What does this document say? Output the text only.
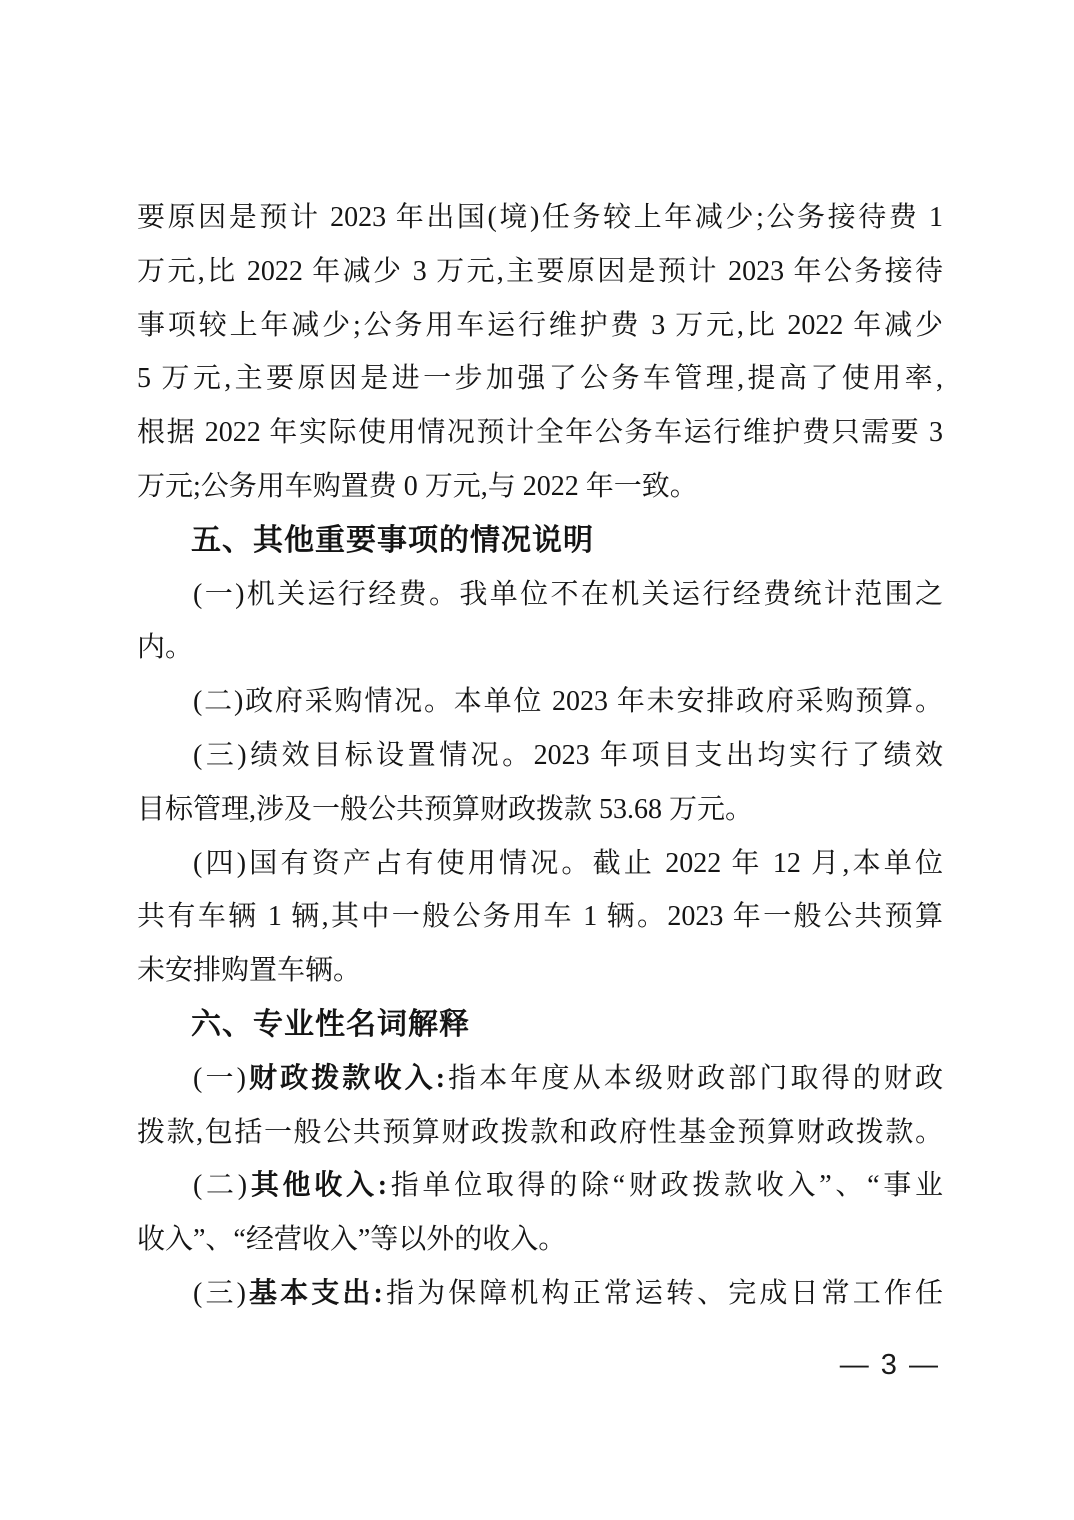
要原因是预计 2023 年出国(境)任务较上年减少;公务接待费 1
万元,比 2022 年减少 3 万元,主要原因是预计 2023 年公务接待
事项较上年减少;公务用车运行维护费 3 万元,比 2022 年减少
5 万元,主要原因是进一步加强了公务车管理,提高了使用率,
根据 2022 年实际使用情况预计全年公务车运行维护费只需要 3
万元;公务用车购置费 0 万元,与 2022 年一致。
五、其他重要事项的情况说明
(一)机关运行经费。我单位不在机关运行经费统计范围之
内。
(二)政府采购情况。本单位 2023 年未安排政府采购预算。
(三)绩效目标设置情况。2023 年项目支出均实行了绩效
目标管理,涉及一般公共预算财政拨款 53.68 万元。
(四)国有资产占有使用情况。截止 2022 年 12 月,本单位
共有车辆 1 辆,其中一般公务用车 1 辆。2023 年一般公共预算
未安排购置车辆。
六、专业性名词解释
(一)财政拨款收入:指本年度从本级财政部门取得的财政
拨款,包括一般公共预算财政拨款和政府性基金预算财政拨款。
(二)其他收入:指单位取得的除“财政拨款收入”、“事业
收入”、“经营收入”等以外的收入。
(三)基本支出:指为保障机构正常运转、完成日常工作任
— 3 —
